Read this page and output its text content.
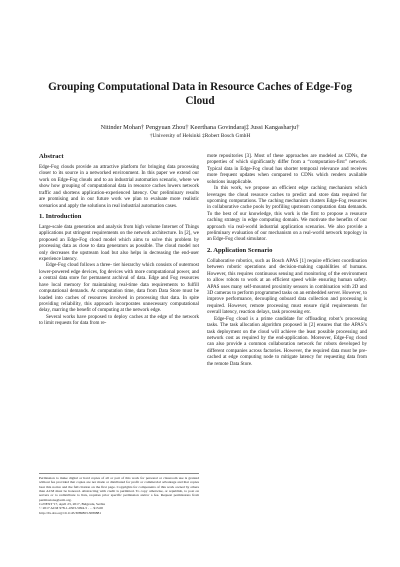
Grouping Computational Data in Resource Caches of Edge-Fog Cloud
Nitinder Mohan† Pengyuan Zhou† Keerthana Govindaraj‡ Jussi Kangasharju†
†University of Helsinki ‡Robert Bosch GmbH
Abstract

Edge-Fog clouds provide an attractive platform for bringing data processing closer to its source in a networked environment. In this paper we extend our work on Edge-Fog clouds and to an industrial automation scenario, where we show how grouping of computational data in resource caches lowers network traffic and shortens application-experienced latency. Our preliminary results are promising and in our future work we plan to evaluate more realistic scenarios and apply the solutions in real industrial automation cases.

1. Introduction

Large-scale data generation and analysis from high volume Internet of Things applications put stringent requirements on the network architecture. In [2], we proposed an Edge-Fog cloud model which aims to solve this problem by processing data as close to data generators as possible. The cloud model not only decreases the upstream load but also helps in decreasing the end-user experience latency.

Edge-Fog cloud follows a three- tier hierarchy which consists of outermost lower-powered edge devices, fog devices with more computational power, and a central data store for permanent archival of data. Edge and Fog resources have local memory for maintaining real-time data requirements to fulfill computational demands. At computation time, data from Data Store must be loaded into caches of resources involved in processing that data. In spite providing reliability, this approach incorporates unnecessary computational delay, marring the benefit of computing at the network edge.

Several works have proposed to deploy caches at the edge of the network to limit requests for data from re-

mote repositories [3]. Most of these approaches are modeled as CDNs, the properties of which significantly differ from a “computation-first” network. Typical data in Edge-Fog cloud has shorter temporal relevance and receives more frequent updates when compared to CDNs which renders available solutions inapplicable.

In this work, we propose an efficient edge caching mechanism which leverages the cloud resource caches to predict and store data required for upcoming computations. The caching mechanism clusters Edge-Fog resources in collaborative cache pools by profiling upstream computation data demands. To the best of our knowledge, this work is the first to propose a resource caching strategy in edge computing domain. We motivate the benefits of our approach via real-world industrial application scenarios. We also provide a preliminary evaluation of our mechanism on a real-world network topology in an Edge-Fog cloud simulator.

2. Application Scenario

Collaborative robotics, such as Bosch APAS [1] require efficient coordination between robotic operations and decision-making capabilities of humans. However, this requires continuous sensing and monitoring of the environment to allow robots to work at an efficient speed while ensuring human safety. APAS uses many self-mounted proximity sensors in combination with 2D and 3D cameras to perform programmed tasks on an embedded server. However, to improve performance, decoupling onboard data collection and processing is required. However, remote processing must ensure rigid requirements for overall latency, reaction delays, task processing etc.

Edge-Fog cloud is a prime candidate for offloading robot’s processing tasks. The task allocation algorithm proposed in [2] ensures that the APAS’s task deployment on the cloud will achieve the least possible processing and network cost as required by the end-application. Moreover, Edge-Fog cloud can also provide a common collaboration network for robots developed by different companies across factories. However, the required data must be pre-cached at edge computing node to mitigate latency for requesting data from the remote Data Store.

Permission to make digital or hard copies of all or part of this work for personal or classroom use is granted without fee provided that copies are not made or distributed for profit or commercial advantage and that copies bear this notice and the full citation on the first page. Copyrights for components of this work owned by others than ACM must be honored. Abstracting with credit is permitted. To copy otherwise, or republish, to post on servers or to redistribute to lists, requires prior specific permission and/or a fee. Request permissions from permissions@acm.org.

CoNEXT’17, April 23, 2017, Belgrade, Serbia

© 2017 ACM 978-1-4503-5094-5 . . . $15.00

http://dx.doi.org/10.1145/3089863.3089881
